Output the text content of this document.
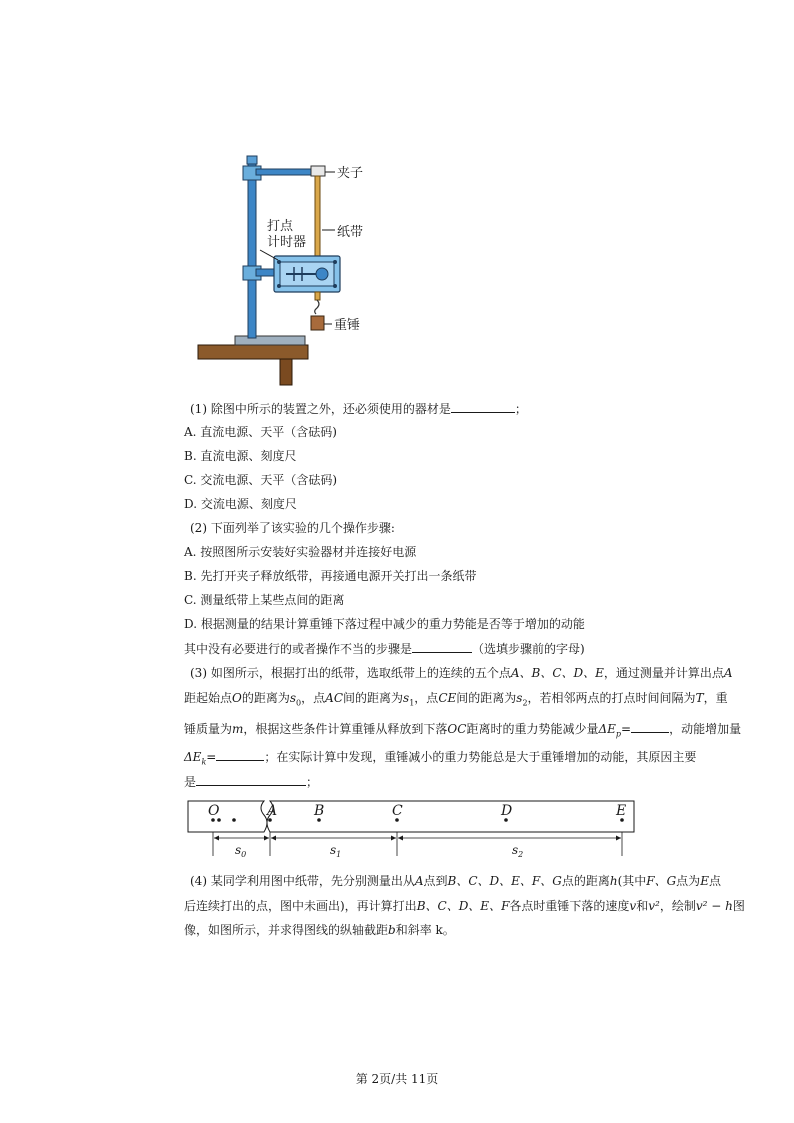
夹子
纸带
打点
计时器
重锤
(1) 除图中所示的装置之外，还必须使用的器材是	；
A. 直流电源、天平（含砝码)
B. 直流电源、刻度尺
C. 交流电源、天平（含砝码)
D. 交流电源、刻度尺
(2) 下面列举了该实验的几个操作步骤:
A. 按照图所示安装好实验器材并连接好电源
B. 先打开夹子释放纸带，再接通电源开关打出一条纸带
C. 测量纸带上某些点间的距离
D. 根据测量的结果计算重锤下落过程中减少的重力势能是否等于增加的动能
其中没有必要进行的或者操作不当的步骤是	（选填步骤前的字母)
(3) 如图所示，根据打出的纸带，选取纸带上的连续的五个点A、B、C、D、E，通过测量并计算出点A
距起始点O的距离为$s_0$，点AC间的距离为$s_1$，点CE间的距离为$s_2$，若相邻两点的打点时间间隔为T，重
锤质量为m，根据这些条件计算重锤从释放到下落OC距离时的重力势能减少量$\Delta E_p=$	，动能增加量
$\Delta E_k=$	；在实际计算中发现，重锤减小的重力势能总是大于重锤增加的动能，其原因主要
是	；
O	A	B	C	D	E
$s_0$	$s_1$	$s_2$
(4) 某同学利用图中纸带，先分别测量出从A点到B、C、D、E、F、G点的距离h(其中F、G点为E点
后连续打出的点，图中未画出)，再计算打出B、C、D、E、F各点时重锤下落的速度v和v²，绘制v² − h图
像，如图所示，并求得图线的纵轴截距b和斜率 k。
第 2页/共 11页
